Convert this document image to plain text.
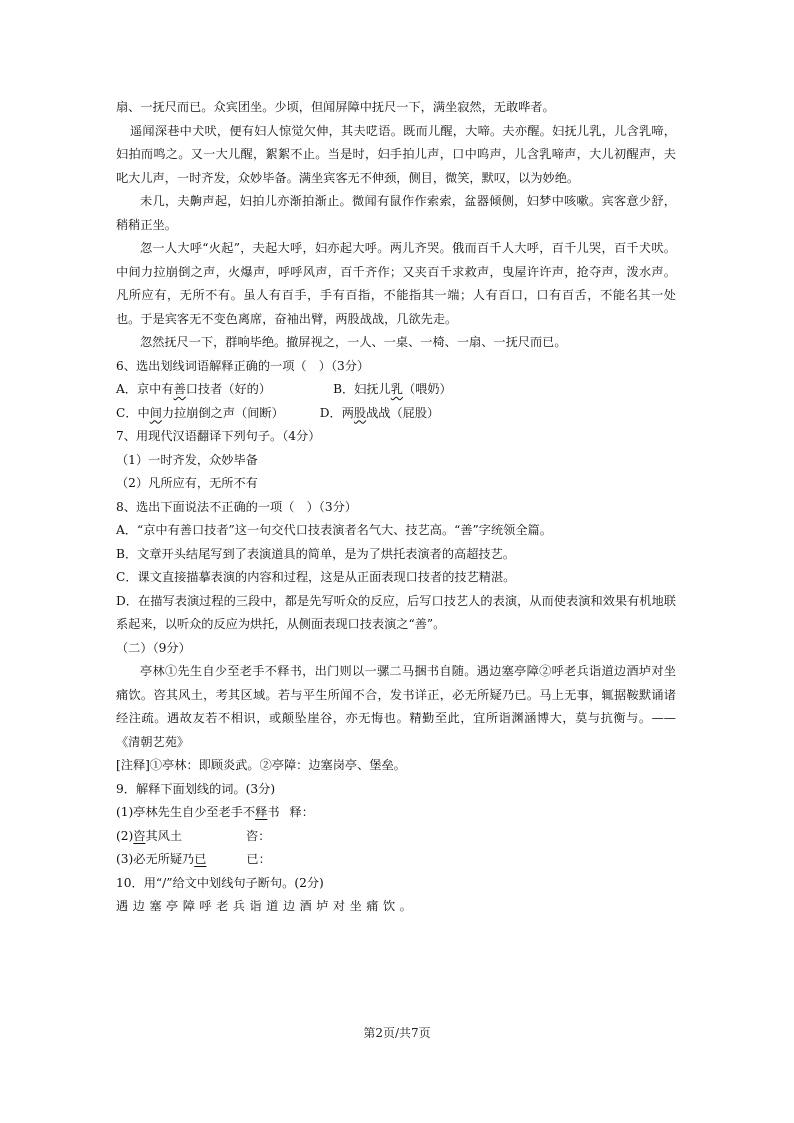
扇、一抚尺而已。众宾团坐。少顷，但闻屏障中抚尺一下，满坐寂然，无敢哗者。

遥闻深巷中犬吠，便有妇人惊觉欠伸，其夫呓语。既而儿醒，大啼。夫亦醒。妇抚儿乳，儿含乳啼，妇拍而鸣之。又一大儿醒，絮絮不止。当是时，妇手拍儿声，口中呜声，儿含乳啼声，大儿初醒声，夫叱大儿声，一时齐发，众妙毕备。满坐宾客无不伸颈，侧目，微笑，默叹，以为妙绝。

未几，夫齁声起，妇拍儿亦渐拍渐止。微闻有鼠作作索索，盆器倾侧，妇梦中咳嗽。宾客意少舒，稍稍正坐。

忽一人大呼“火起”，夫起大呼，妇亦起大呼。两儿齐哭。俄而百千人大呼，百千儿哭，百千犬吠。中间力拉崩倒之声，火爆声，呼呼风声，百千齐作；又夹百千求救声，曳屋许许声，抢夺声，泼水声。凡所应有，无所不有。虽人有百手，手有百指，不能指其一端；人有百口，口有百舌，不能名其一处也。于是宾客无不变色离席，奋袖出臂，两股战战，几欲先走。

忽然抚尺一下，群响毕绝。撤屏视之，一人、一桌、一椅、一扇、一抚尺而已。

6、选出划线词语解释正确的一项（　）（3分）

A．京中有善口技者（好的）	B．妇抚儿乳（喂奶）

C．中间力拉崩倒之声（间断）	D．两股战战（屁股）

7、用现代汉语翻译下列句子。（4分）

（1）一时齐发，众妙毕备

（2）凡所应有，无所不有

8、选出下面说法不正确的一项（　）（3分）

A．“京中有善口技者”这一句交代口技表演者名气大、技艺高。“善”字统领全篇。

B．文章开头结尾写到了表演道具的简单，是为了烘托表演者的高超技艺。

C．课文直接描摹表演的内容和过程，这是从正面表现口技者的技艺精湛。

D．在描写表演过程的三段中，都是先写听众的反应，后写口技艺人的表演，从而使表演和效果有机地联系起来，以听众的反应为烘托，从侧面表现口技表演之“善”。

（二）（9分）

亭林①先生自少至老手不释书，出门则以一骡二马捆书自随。遇边塞亭障②呼老兵诣道边酒垆对坐痛饮。咨其风土，考其区域。若与平生所闻不合，发书详正，必无所疑乃已。马上无事，辄据鞍默诵诸经注疏。遇故友若不相识，或颠坠崖谷，亦无悔也。精勤至此，宜所诣渊涵博大，莫与抗衡与。——《清朝艺苑》

[注释]①亭林：即顾炎武。②亭障：边塞岗亭、堡垒。

9．解释下面划线的词。(3分)

(1)亭林先生自少至老手不释书 释：

(2)咨其风土	咨：

(3)必无所疑乃已	已：

10．用“/”给文中划线句子断句。(2分)

遇边塞亭障呼老兵诣道边酒垆对坐痛饮。

第2页/共7页
